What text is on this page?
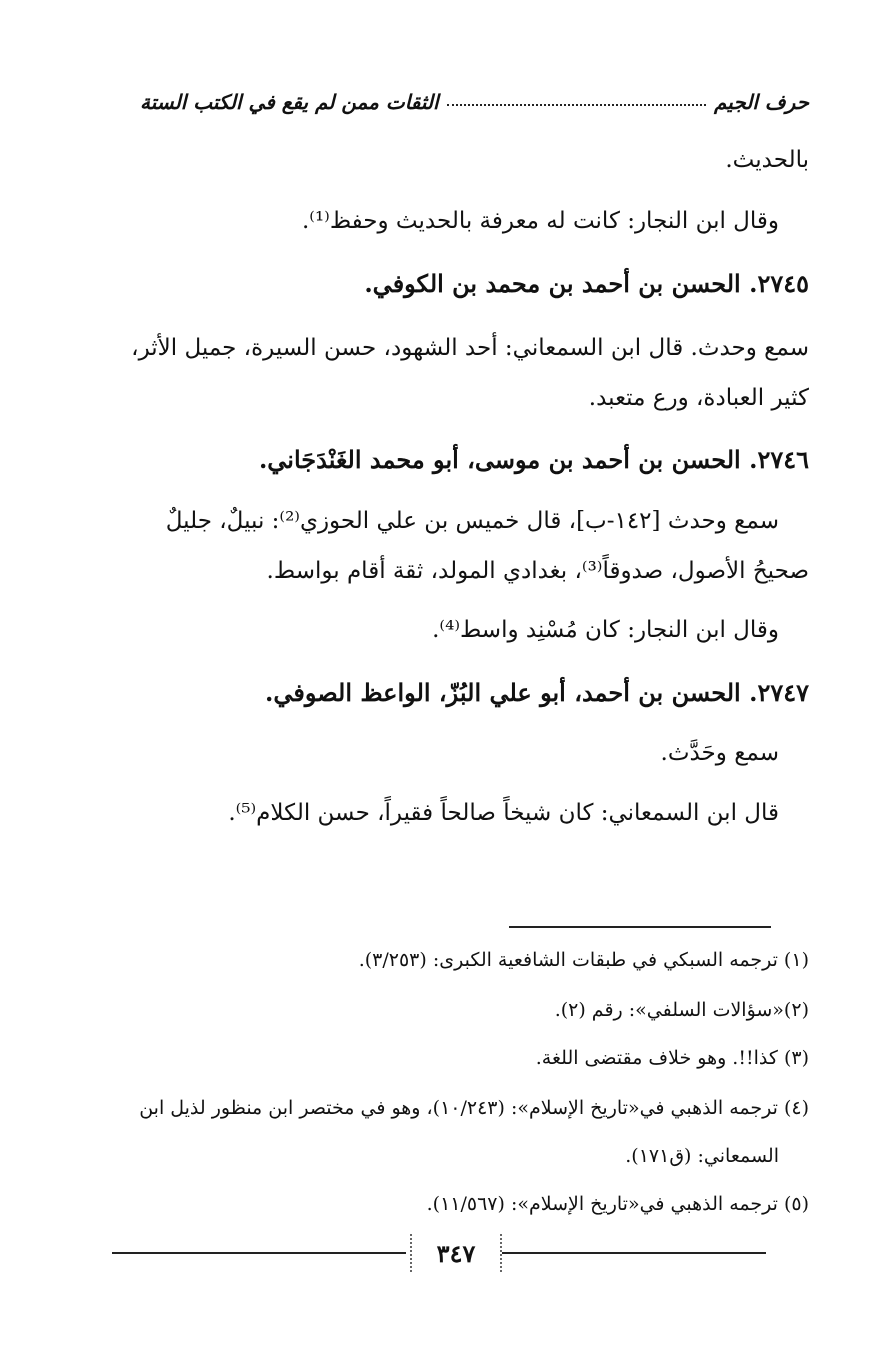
حرف الجيم
الثقات ممن لم يقع في الكتب الستة
بالحديث.
وقال ابن النجار: كانت له معرفة بالحديث وحفظ⁽¹⁾.
٢٧٤٥. الحسن بن أحمد بن محمد بن الكوفي.
سمع وحدث. قال ابن السمعاني: أحد الشهود، حسن السيرة، جميل الأثر،
كثير العبادة، ورع متعبد.
٢٧٤٦. الحسن بن أحمد بن موسى، أبو محمد الغَنْدَجَاني.
سمع وحدث [١٤٢-ب]، قال خميس بن علي الحوزي⁽²⁾: نبيلٌ، جليلٌ
صحيحُ الأصول، صدوقاً⁽³⁾، بغدادي المولد، ثقة أقام بواسط.
وقال ابن النجار: كان مُسْنِد واسط⁽⁴⁾.
٢٧٤٧. الحسن بن أحمد، أبو علي البُزّ، الواعظ الصوفي.
سمع وحَدَّث.
قال ابن السمعاني: كان شيخاً صالحاً فقيراً، حسن الكلام⁽⁵⁾.
(١) ترجمه السبكي في طبقات الشافعية الكبرى: (٣/٢٥٣).
(٢)«سؤالات السلفي»: رقم (٢).
(٣) كذا!!. وهو خلاف مقتضى اللغة.
(٤) ترجمه الذهبي في«تاريخ الإسلام»: (١٠/٢٤٣)، وهو في مختصر ابن منظور لذيل ابن
السمعاني: (ق١٧١).
(٥) ترجمه الذهبي في«تاريخ الإسلام»: (١١/٥٦٧).
٣٤٧
